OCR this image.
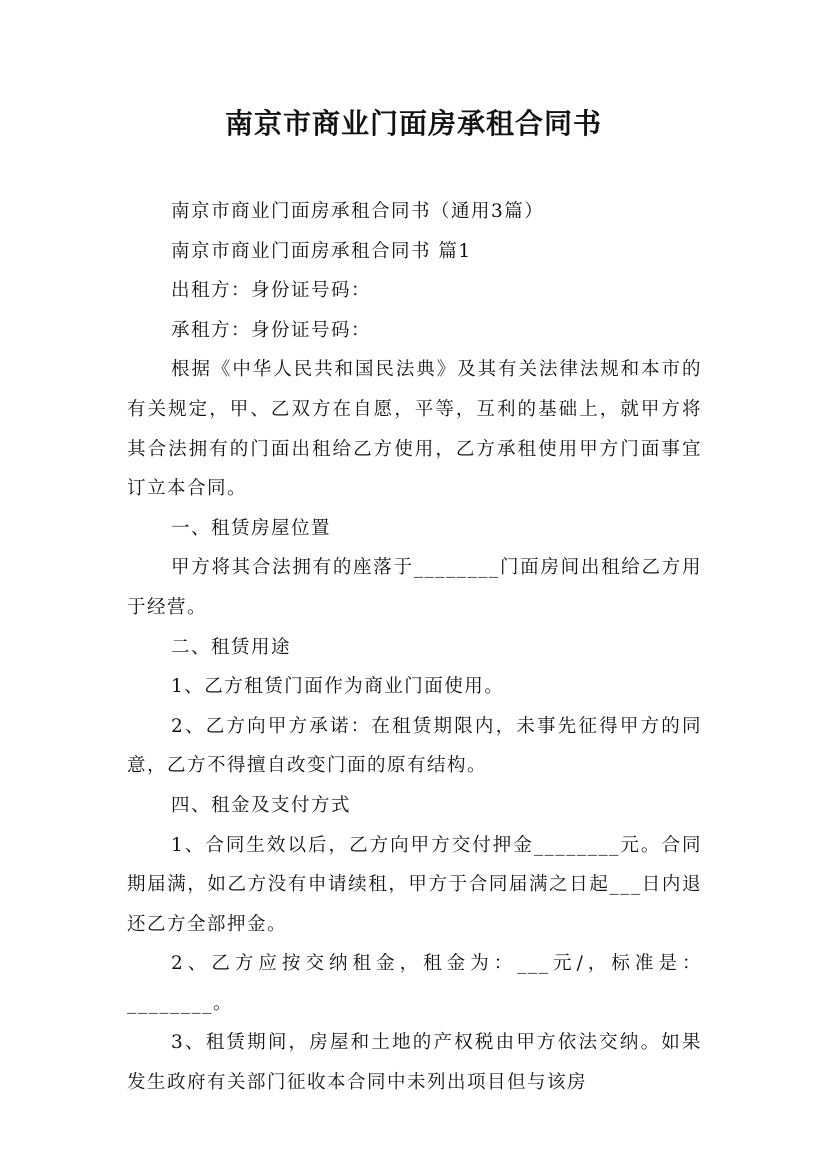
南京市商业门面房承租合同书

南京市商业门面房承租合同书（通用3篇）

南京市商业门面房承租合同书 篇1

出租方：身份证号码：

承租方：身份证号码：

根据《中华人民共和国民法典》及其有关法律法规和本市的有关规定，甲、乙双方在自愿，平等，互利的基础上，就甲方将其合法拥有的门面出租给乙方使用，乙方承租使用甲方门面事宜订立本合同。

一、租赁房屋位置

甲方将其合法拥有的座落于________门面房间出租给乙方用于经营。

二、租赁用途

1、乙方租赁门面作为商业门面使用。

2、乙方向甲方承诺：在租赁期限内，未事先征得甲方的同意，乙方不得擅自改变门面的原有结构。

四、租金及支付方式

1、合同生效以后，乙方向甲方交付押金________元。合同期届满，如乙方没有申请续租，甲方于合同届满之日起___日内退还乙方全部押金。

2、乙方应按交纳租金，租金为：___元/，标准是：________。

3、租赁期间，房屋和土地的产权税由甲方依法交纳。如果发生政府有关部门征收本合同中未列出项目但与该房
